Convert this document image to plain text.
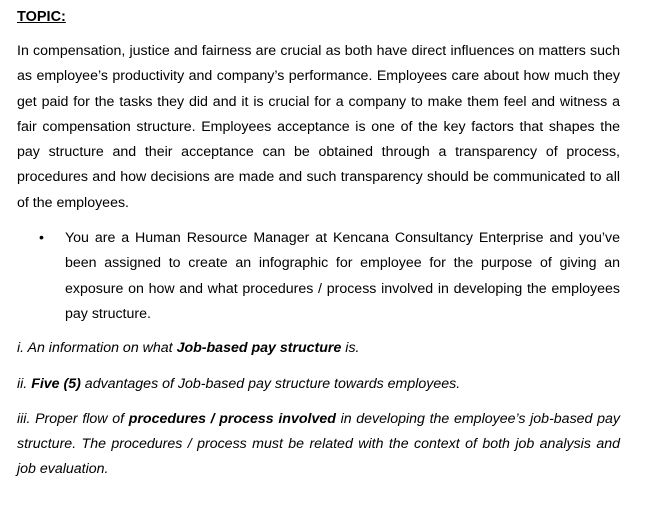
TOPIC:

In compensation, justice and fairness are crucial as both have direct influences on matters such as employee’s productivity and company’s performance. Employees care about how much they get paid for the tasks they did and it is crucial for a company to make them feel and witness a fair compensation structure. Employees acceptance is one of the key factors that shapes the pay structure and their acceptance can be obtained through a transparency of process, procedures and how decisions are made and such transparency should be communicated to all of the employees.

•	You are a Human Resource Manager at Kencana Consultancy Enterprise and you’ve been assigned to create an infographic for employee for the purpose of giving an exposure on how and what procedures / process involved in developing the employees pay structure.

i. An information on what Job-based pay structure is.

ii. Five (5) advantages of Job-based pay structure towards employees.

iii. Proper flow of procedures / process involved in developing the employee’s job-based pay structure. The procedures / process must be related with the context of both job analysis and job evaluation.
